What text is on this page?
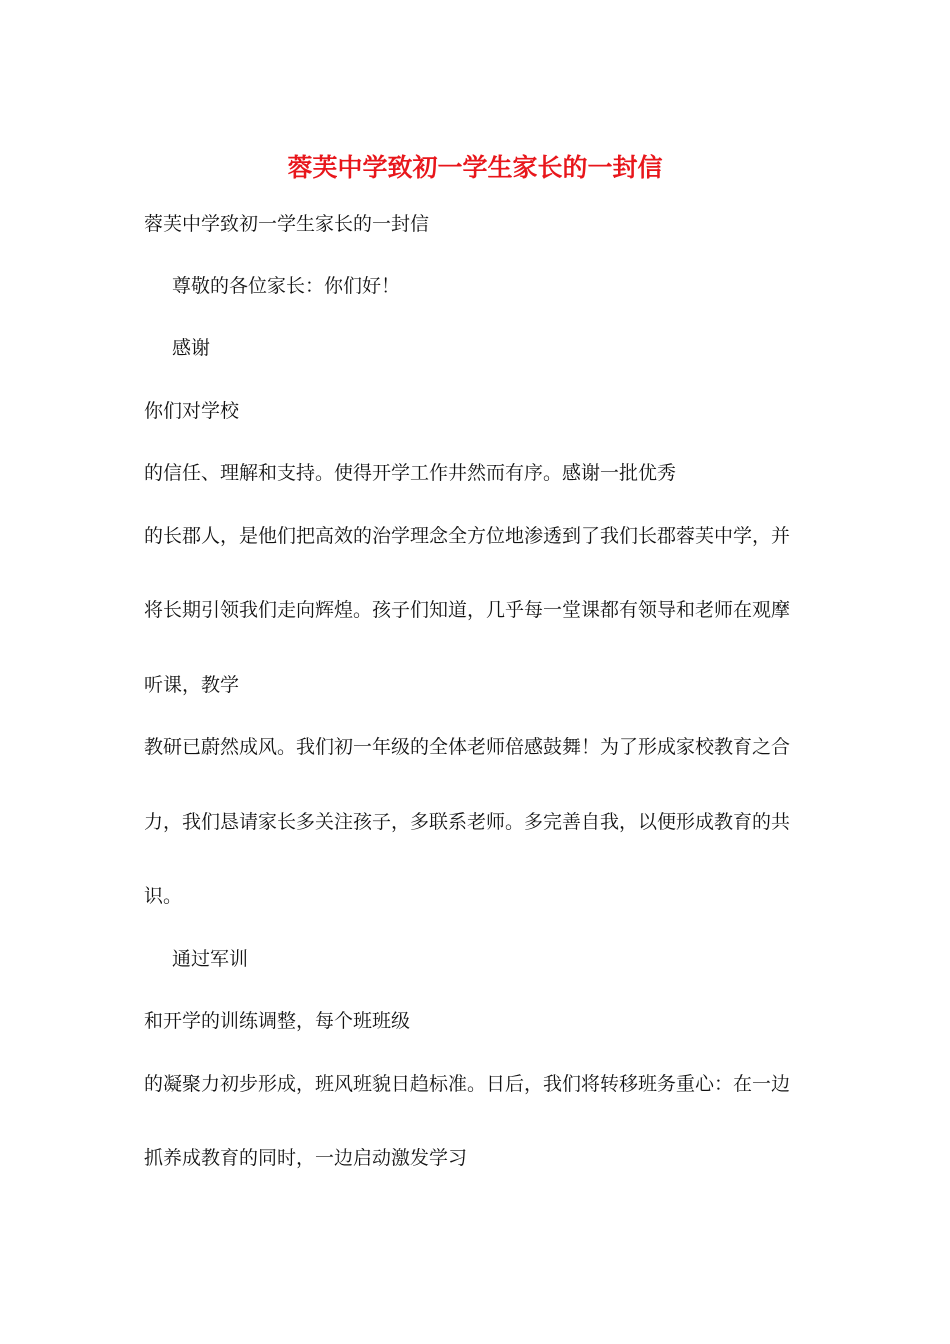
蓉芙中学致初一学生家长的一封信

蓉芙中学致初一学生家长的一封信

尊敬的各位家长：你们好！

感谢

你们对学校

的信任、理解和支持。使得开学工作井然而有序。感谢一批优秀

的长郡人，是他们把高效的治学理念全方位地渗透到了我们长郡蓉芙中学，并

将长期引领我们走向辉煌。孩子们知道，几乎每一堂课都有领导和老师在观摩

听课，教学

教研已蔚然成风。我们初一年级的全体老师倍感鼓舞！为了形成家校教育之合

力，我们恳请家长多关注孩子，多联系老师。多完善自我，以便形成教育的共

识。

通过军训

和开学的训练调整，每个班班级

的凝聚力初步形成，班风班貌日趋标准。日后，我们将转移班务重心：在一边

抓养成教育的同时，一边启动激发学习
